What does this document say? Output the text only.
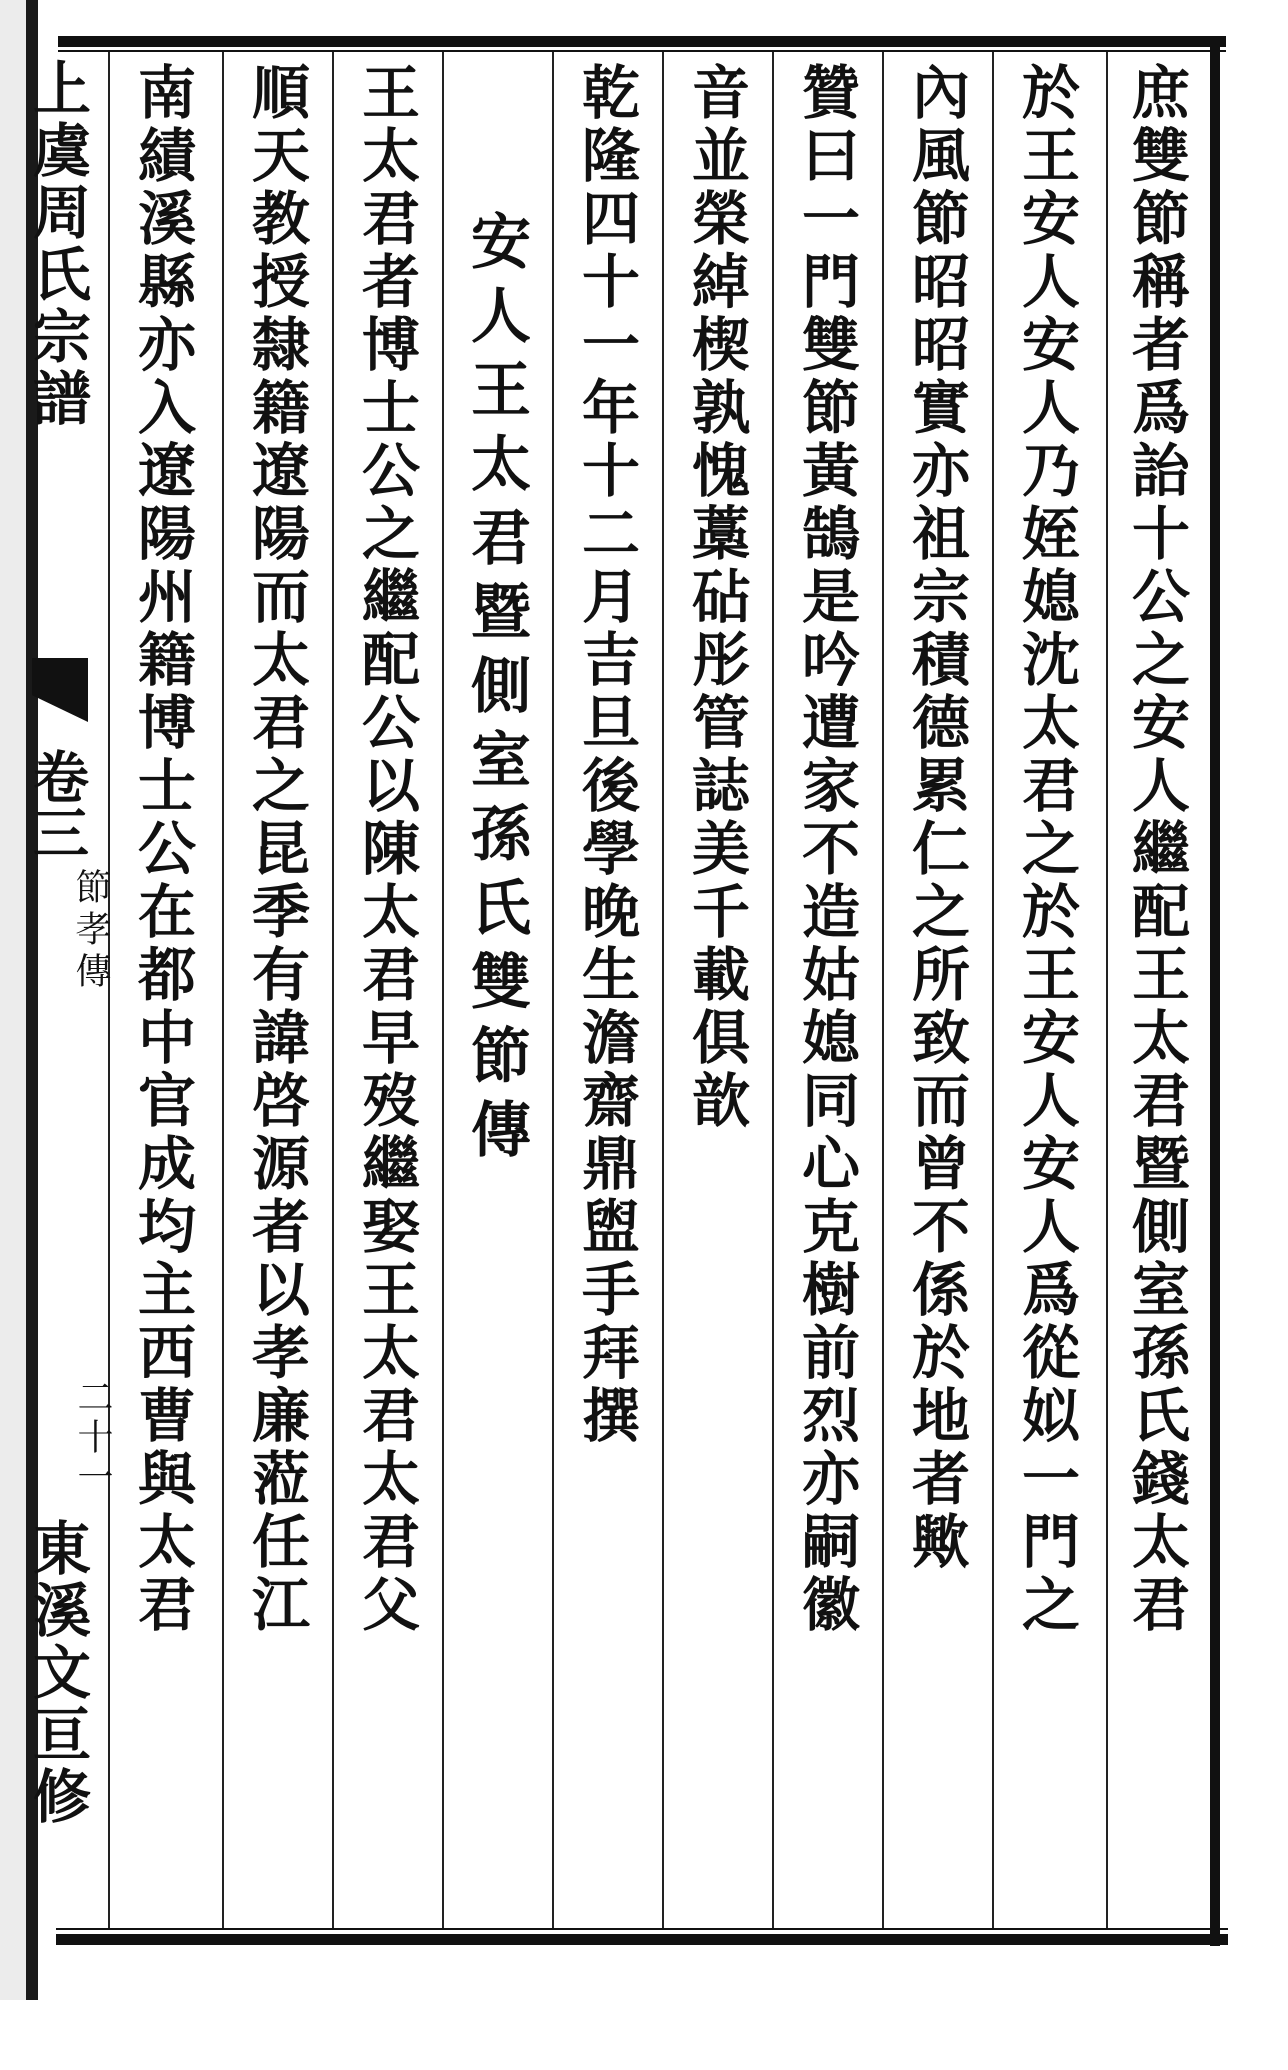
庶雙節稱者爲詒十公之安人繼配王太君暨側室孫氏錢太君
於王安人安人乃姪媳沈太君之於王安人安人爲從姒一門之
內風節昭昭實亦祖宗積德累仁之所致而曾不係於地者歟
贊曰一門雙節黃鵠是吟遭家不造姑媳同心克樹前烈亦嗣徽
音並榮綽楔孰愧藁砧彤管誌美千載俱歆
乾隆四十一年十二月吉旦後學晚生澹齋鼎盥手拜撰
安人王太君暨側室孫氏雙節傳
王太君者博士公之繼配公以陳太君早歿繼娶王太君太君父
順天教授隸籍遼陽而太君之昆季有諱啓源者以孝廉蒞任江
南績溪縣亦入遼陽州籍博士公在都中官成均主西曹與太君
上虞周氏宗譜
卷三
節孝傳
二十一
東溪文亘修
